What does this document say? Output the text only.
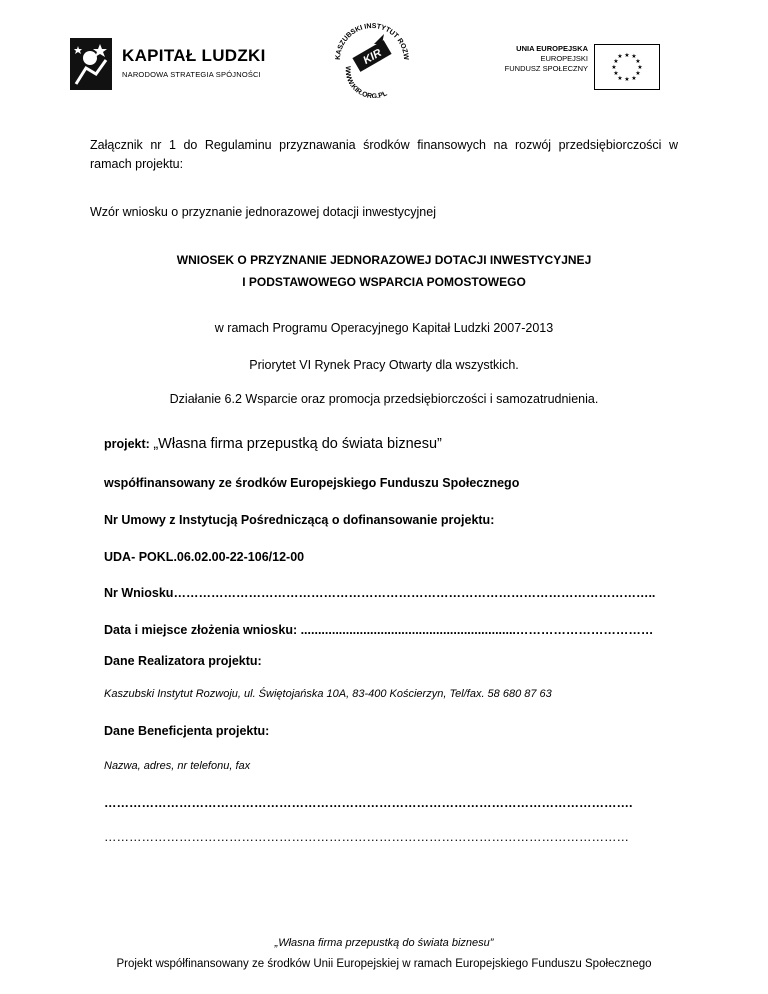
KAPITAŁ LUDZKI
NARODOWA STRATEGIA SPÓJNOŚCI
KASZUBSKI INSTYTUT ROZW
WWW.KIR.ORG.PL
KIR	UNIA EUROPEJSKA
EUROPEJSKI
FUNDUSZ SPOŁECZNY
★ ★
★
★
★
★
★
★
★
★
★
★
Załącznik nr 1 do Regulaminu przyznawania środków finansowych na rozwój przedsiębiorczości w ramach projektu:
Wzór wniosku o przyznanie jednorazowej dotacji inwestycyjnej
WNIOSEK O PRZYZNANIE JEDNORAZOWEJ DOTACJI INWESTYCYJNEJ
I PODSTAWOWEGO WSPARCIA POMOSTOWEGO
w ramach Programu Operacyjnego Kapitał Ludzki 2007-2013
Priorytet VI Rynek Pracy Otwarty dla wszystkich.
Działanie 6.2 Wsparcie oraz promocja przedsiębiorczości i samozatrudnienia.
projekt: „Własna firma przepustką do świata biznesu”
współfinansowany ze środków Europejskiego Funduszu Społecznego
Nr Umowy z Instytucją Pośredniczącą o dofinansowanie projektu:
UDA- POKL.06.02.00-22-106/12-00
Nr Wniosku……………………………………………………………………………………………………..
Data i miejsce złożenia wniosku: ..............................................................……………………………
Dane Realizatora projektu:
Kaszubski Instytut Rozwoju, ul. Świętojańska 10A, 83-400 Kościerzyn, Tel/fax. 58 680 87 63
Dane Beneficjenta projektu:
Nazwa, adres, nr telefonu, fax
……………………………………………………………………………………………………………….
………………………………………………………………………………………………………………
„Własna firma przepustką do świata biznesu”
Projekt współfinansowany ze środków Unii Europejskiej w ramach Europejskiego Funduszu Społecznego
